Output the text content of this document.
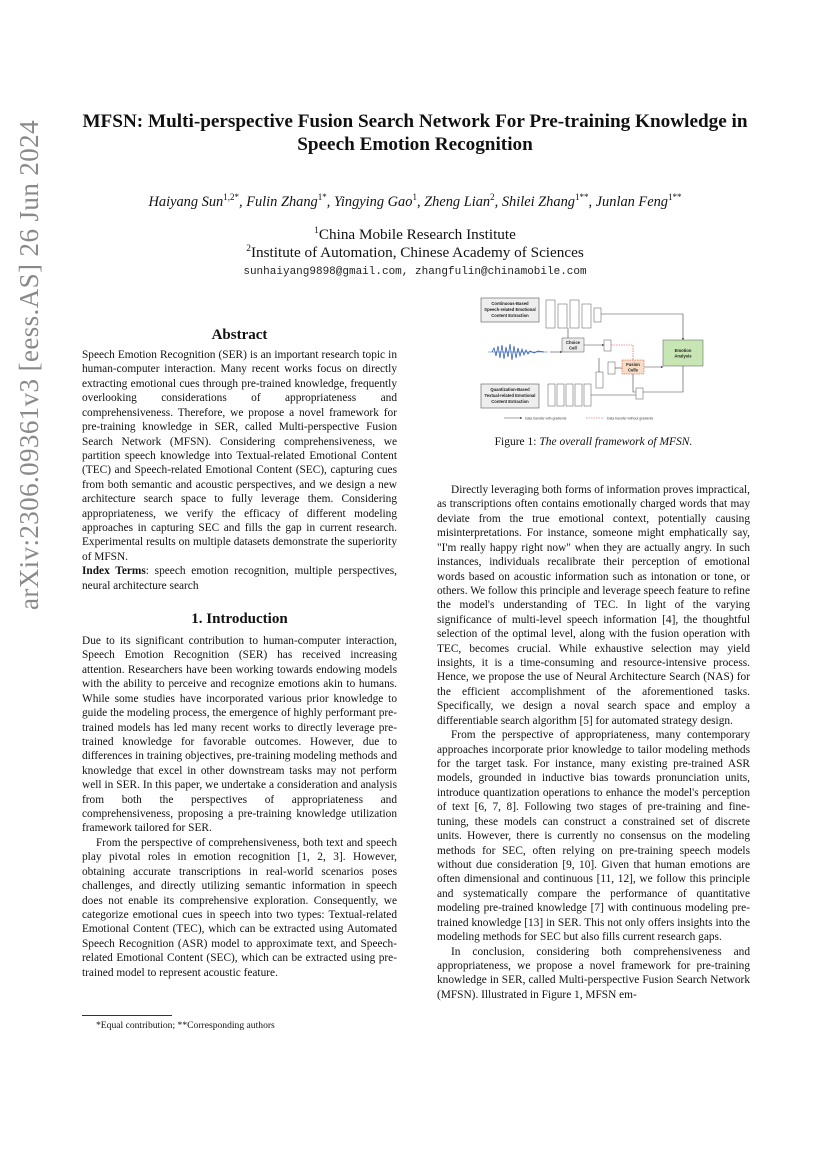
arXiv:2306.09361v3 [eess.AS] 26 Jun 2024	MFSN: Multi-perspective Fusion Search Network For Pre-training Knowledge in Speech Emotion Recognition
Haiyang Sun$^{1,2*}$, Fulin Zhang$^{1*}$, Yingying Gao$^1$, Zheng Lian$^2$, Shilei Zhang$^{1**}$, Junlan Feng$^{1**}$
$^1$China Mobile Research Institute
$^2$Institute of Automation, Chinese Academy of Sciences
sunhaiyang9898@gmail.com, zhangfulin@chinamobile.com
Abstract

Speech Emotion Recognition (SER) is an important research topic in human-computer interaction. Many recent works focus on directly extracting emotional cues through pre-trained knowledge, frequently overlooking considerations of appropriateness and comprehensiveness. Therefore, we propose a novel framework for pre-training knowledge in SER, called Multi-perspective Fusion Search Network (MFSN). Considering comprehensiveness, we partition speech knowledge into Textual-related Emotional Content (TEC) and Speech-related Emotional Content (SEC), capturing cues from both semantic and acoustic perspectives, and we design a new architecture search space to fully leverage them. Considering appropriateness, we verify the efficacy of different modeling approaches in capturing SEC and fills the gap in current research. Experimental results on multiple datasets demonstrate the superiority of MFSN.
Index Terms: speech emotion recognition, multiple perspectives, neural architecture search

1. Introduction

Due to its significant contribution to human-computer interaction, Speech Emotion Recognition (SER) has received increasing attention. Researchers have been working towards endowing models with the ability to perceive and recognize emotions akin to humans. While some studies have incorporated various prior knowledge to guide the modeling process, the emergence of highly performant pre-trained models has led many recent works to directly leverage pre-trained knowledge for favorable outcomes. However, due to differences in training objectives, pre-training modeling methods and knowledge that excel in other downstream tasks may not perform well in SER. In this paper, we undertake a consideration and analysis from both the perspectives of appropriateness and comprehensiveness, proposing a pre-training knowledge utilization framework tailored for SER.

From the perspective of comprehensiveness, both text and speech play pivotal roles in emotion recognition [1, 2, 3]. However, obtaining accurate transcriptions in real-world scenarios poses challenges, and directly utilizing semantic information in speech does not enable its comprehensive exploration. Consequently, we categorize emotional cues in speech into two types: Textual-related Emotional Content (TEC), which can be extracted using Automated Speech Recognition (ASR) model to approximate text, and Speech-related Emotional Content (SEC), which can be extracted using pre-trained model to represent acoustic feature.

*Equal contribution; **Corresponding authors
Continuous-Based
Speech-related Emotional
Content Extraction
Choice
Cell
Fusion
Cells
Emotion
Analysis
Quantization-Based
Textual-related Emotional
Content Extraction
Data transfer with gradients	Data transfer without gradients
Figure 1: The overall framework of MFSN.

Directly leveraging both forms of information proves impractical, as transcriptions often contains emotionally charged words that may deviate from the true emotional context, potentially causing misinterpretations. For instance, someone might emphatically say, "I'm really happy right now" when they are actually angry. In such instances, individuals recalibrate their perception of emotional words based on acoustic information such as intonation or tone, or others. We follow this principle and leverage speech feature to refine the model's understanding of TEC. In light of the varying significance of multi-level speech information [4], the thoughtful selection of the optimal level, along with the fusion operation with TEC, becomes crucial. While exhaustive selection may yield insights, it is a time-consuming and resource-intensive process. Hence, we propose the use of Neural Architecture Search (NAS) for the efficient accomplishment of the aforementioned tasks. Specifically, we design a noval search space and employ a differentiable search algorithm [5] for automated strategy design.

From the perspective of appropriateness, many contemporary approaches incorporate prior knowledge to tailor modeling methods for the target task. For instance, many existing pre-trained ASR models, grounded in inductive bias towards pronunciation units, introduce quantization operations to enhance the model's perception of text [6, 7, 8]. Following two stages of pre-training and fine-tuning, these models can construct a constrained set of discrete units. However, there is currently no consensus on the modeling methods for SEC, often relying on pre-training speech models without due consideration [9, 10]. Given that human emotions are often dimensional and continuous [11, 12], we follow this principle and systematically compare the performance of quantitative modeling pre-trained knowledge [7] with continuous modeling pre-trained knowledge [13] in SER. This not only offers insights into the modeling methods for SEC but also fills current research gaps.

In conclusion, considering both comprehensiveness and appropriateness, we propose a novel framework for pre-training knowledge in SER, called Multi-perspective Fusion Search Network (MFSN). Illustrated in Figure 1, MFSN em-
